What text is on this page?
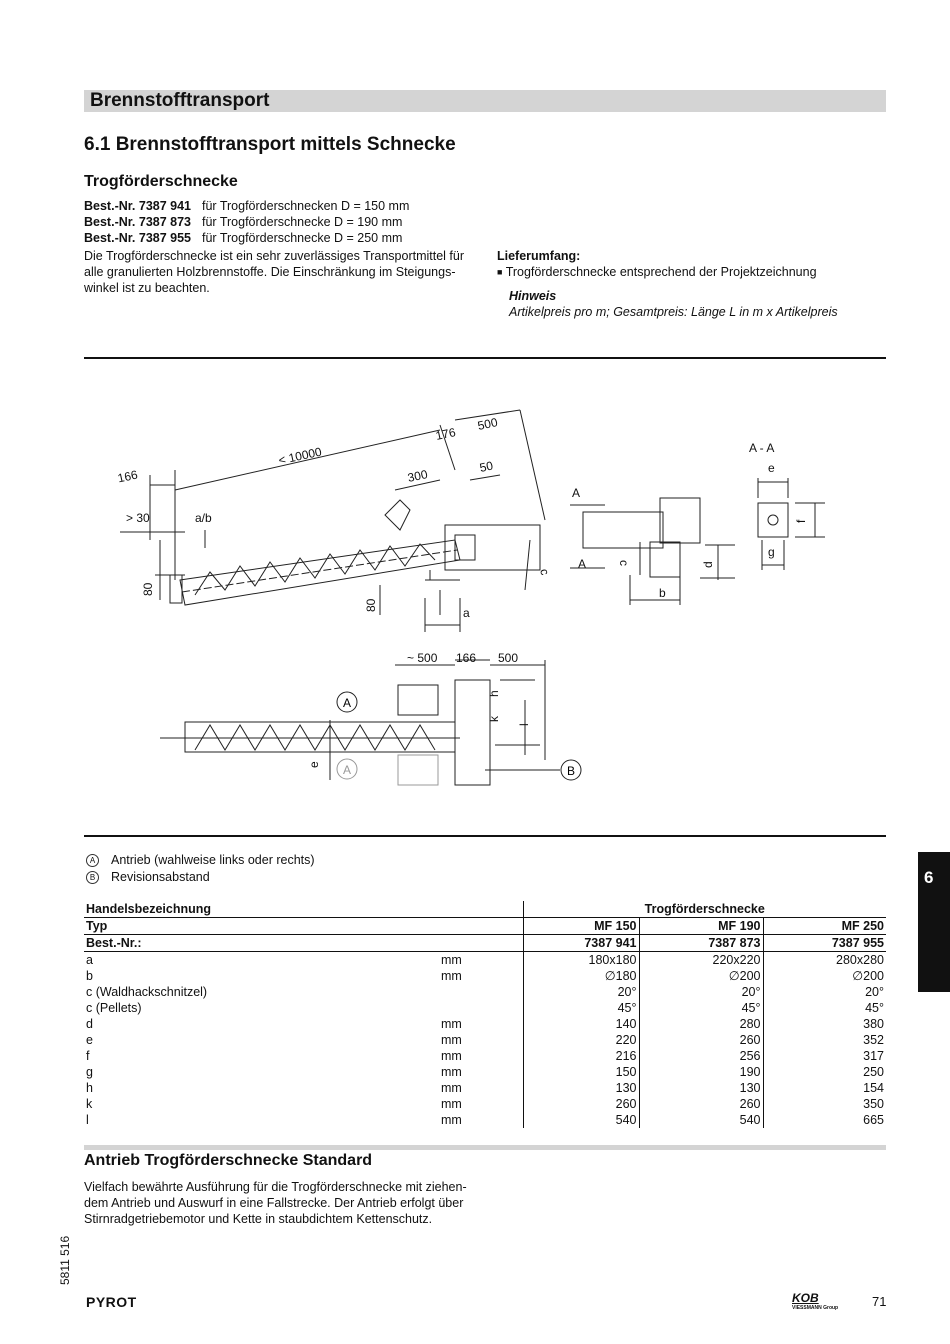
Brennstofftransport
6.1 Brennstofftransport mittels Schnecke
Trogförderschnecke
Best.-Nr. 7387 941 für Trogförderschnecken D = 150 mm
Best.-Nr. 7387 873 für Trogförderschnecke D = 190 mm
Best.-Nr. 7387 955 für Trogförderschnecke D = 250 mm
Die Trogförderschnecke ist ein sehr zuverlässiges Transportmittel für
alle granulierten Holzbrennstoffe. Die Einschränkung im Steigungs-
winkel ist zu beachten.
Lieferumfang:
■ Trogförderschnecke entsprechend der Projektzeichnung
Hinweis
Artikelpreis pro m; Gesamtpreis: Länge L in m x Artikelpreis
< 10000
166
176
500
300
50
> 30	a/b
80
80
a
c
A - A
A
A	c
b
d
e
f
g
~ 500 166 500
h
k
l
e
A
A	B
A Antrieb (wahlweise links oder rechts)
B Revisionsabstand	6
Handelsbezeichnung		Trogförderschnecke		
Typ		MF 150	MF 190	MF 250
Best.-Nr.:		7387 941	7387 873	7387 955
a	mm	180x180	220x220	280x280
b	mm	∅180	∅200	∅200
c (Waldhackschnitzel)		20°	20°	20°
c (Pellets)		45°	45°	45°
d	mm	140	280	380
e	mm	220	260	352
f	mm	216	256	317
g	mm	150	190	250
h	mm	130	130	154
k	mm	260	260	350
l	mm	540	540	665
Antrieb Trogförderschnecke Standard
Vielfach bewährte Ausführung für die Trogförderschnecke mit ziehen-
dem Antrieb und Auswurf in eine Fallstrecke. Der Antrieb erfolgt über
Stirnradgetriebemotor und Kette in staubdichtem Kettenschutz.
5811 516
PYROT	KOB
VIESSMANN Group	71
